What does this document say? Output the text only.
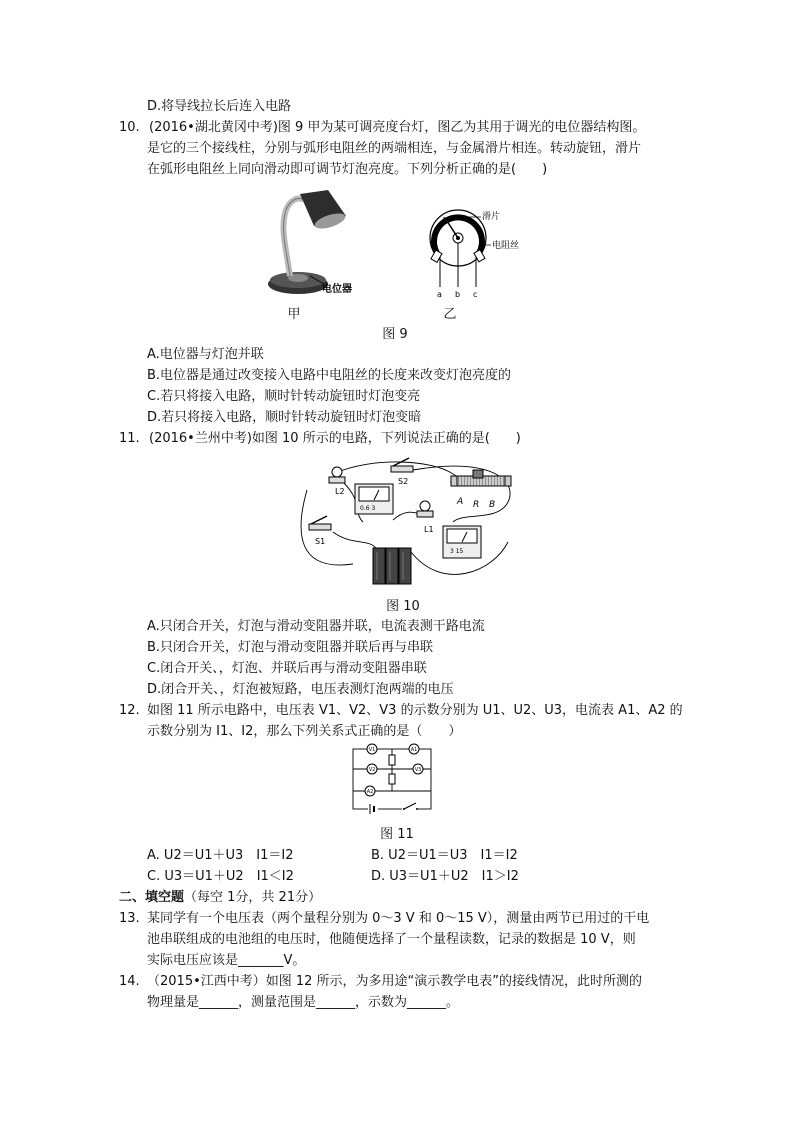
D.将导线拉长后连入电路
10. (2016•湖北黄冈中考)图 9 甲为某可调亮度台灯，图乙为其用于调光的电位器结构图。
是它的三个接线柱，分别与弧形电阻丝的两端相连，与金属滑片相连。转动旋钮，滑片
在弧形电阻丝上同向滑动即可调节灯泡亮度。下列分析正确的是(　　)
电位器
甲
滑片
电阻丝
a b c
乙
图 9
A.电位器与灯泡并联
B.电位器是通过改变接入电路中电阻丝的长度来改变灯泡亮度的
C.若只将接入电路，顺时针转动旋钮时灯泡变亮
D.若只将接入电路，顺时针转动旋钮时灯泡变暗
11. (2016•兰州中考)如图 10 所示的电路，下列说法正确的是(　　)
L2
S2
0.6 3
L1
A R B
S1
3 15
图 10
A.只闭合开关，灯泡与滑动变阻器并联，电流表测干路电流
B.只闭合开关，灯泡与滑动变阻器并联后再与串联
C.闭合开关、，灯泡、并联后再与滑动变阻器串联
D.闭合开关、，灯泡被短路，电压表测灯泡两端的电压
12. 如图 11 所示电路中，电压表 V1、V2、V3 的示数分别为 U1、U2、U3，电流表 A1、A2 的
示数分别为 I1、I2，那么下列关系式正确的是（　　）
V1	A1
V2	V3
A2
图 11
A. U2＝U1＋U3　I1＝I2	B. U2＝U1＝U3　I1＝I2
C. U3＝U1＋U2　I1＜I2	D. U3＝U1＋U2　I1＞I2
二、填空题（每空 1分，共 21分）
13. 某同学有一个电压表（两个量程分别为 0～3 V 和 0～15 V），测量由两节已用过的干电
池串联组成的电池组的电压时，他随便选择了一个量程读数，记录的数据是 10 V，则
实际电压应该是_______V。
14. （2015•江西中考）如图 12 所示，为多用途“演示教学电表”的接线情况，此时所测的
物理量是______，测量范围是______，示数为______。
